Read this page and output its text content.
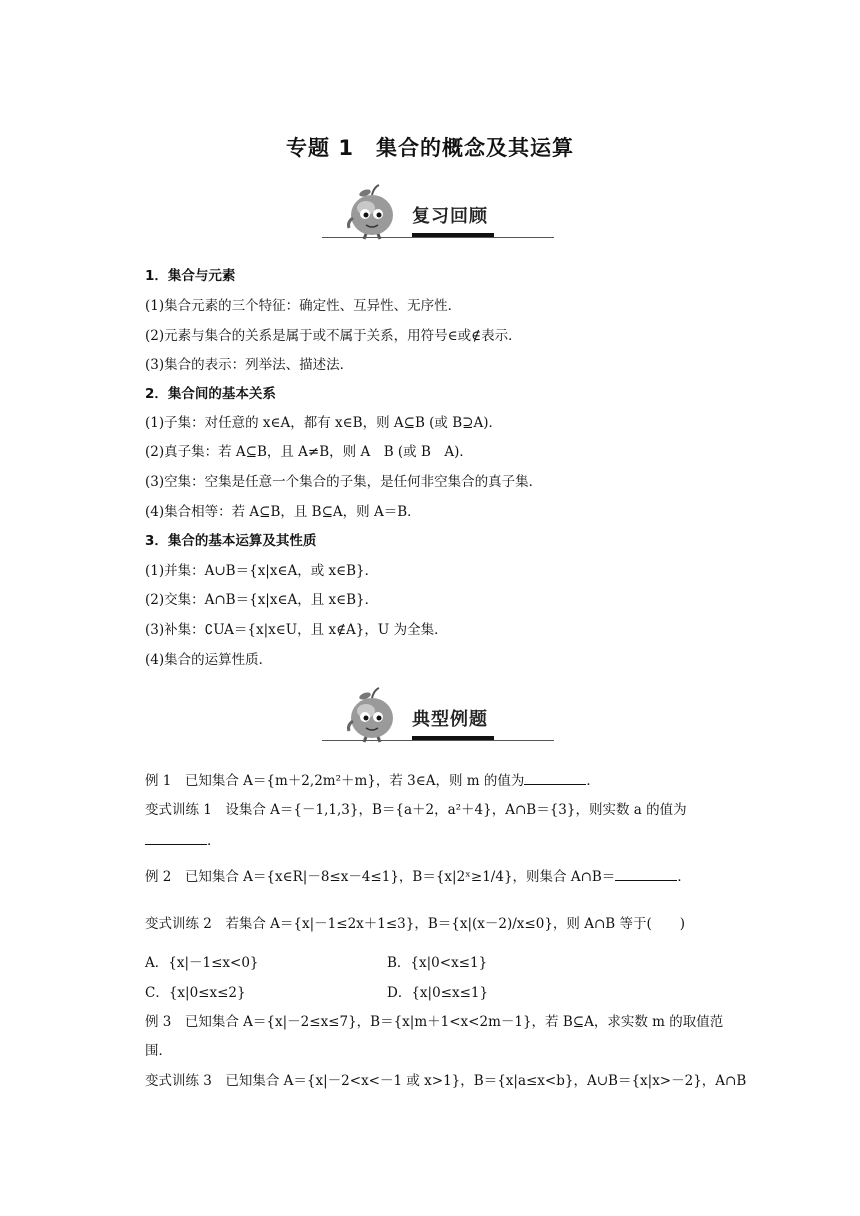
专题 1　集合的概念及其运算
复习回顾
1．集合与元素
(1)集合元素的三个特征：确定性、互异性、无序性．
(2)元素与集合的关系是属于或不属于关系，用符号∈或∉表示．
(3)集合的表示：列举法、描述法．
2．集合间的基本关系
(1)子集：对任意的 x∈A，都有 x∈B，则 A⊆B (或 B⊇A)．
(2)真子集：若 A⊆B，且 A≠B，则 A　B (或 B　A)．
(3)空集：空集是任意一个集合的子集，是任何非空集合的真子集．
(4)集合相等：若 A⊆B，且 B⊆A，则 A＝B．
3．集合的基本运算及其性质
(1)并集：A∪B＝{x|x∈A，或 x∈B}．
(2)交集：A∩B＝{x|x∈A，且 x∈B}．
(3)补集：∁UA＝{x|x∈U，且 x∉A}，U 为全集．
(4)集合的运算性质．
典型例题
例 1　已知集合 A＝{m＋2,2m²＋m}，若 3∈A，则 m 的值为	．
变式训练 1　设集合 A＝{－1,1,3}，B＝{a＋2，a²＋4}，A∩B＝{3}，则实数 a 的值为
．
例 2　已知集合 A＝{x∈R|－8≤x－4≤1}，B＝{x|2ˣ≥1/4}，则集合 A∩B＝	．
变式训练 2　若集合 A＝{x|－1≤2x＋1≤3}，B＝{x|(x－2)/x≤0}，则 A∩B 等于( )
A．{x|－1≤x<0}	B．{x|0<x≤1}
C．{x|0≤x≤2}	D．{x|0≤x≤1}
例 3　已知集合 A＝{x|－2≤x≤7}，B＝{x|m＋1<x<2m－1}，若 B⊆A，求实数 m 的取值范
围．
变式训练 3　已知集合 A＝{x|－2<x<－1 或 x>1}，B＝{x|a≤x<b}，A∪B＝{x|x>－2}，A∩B
